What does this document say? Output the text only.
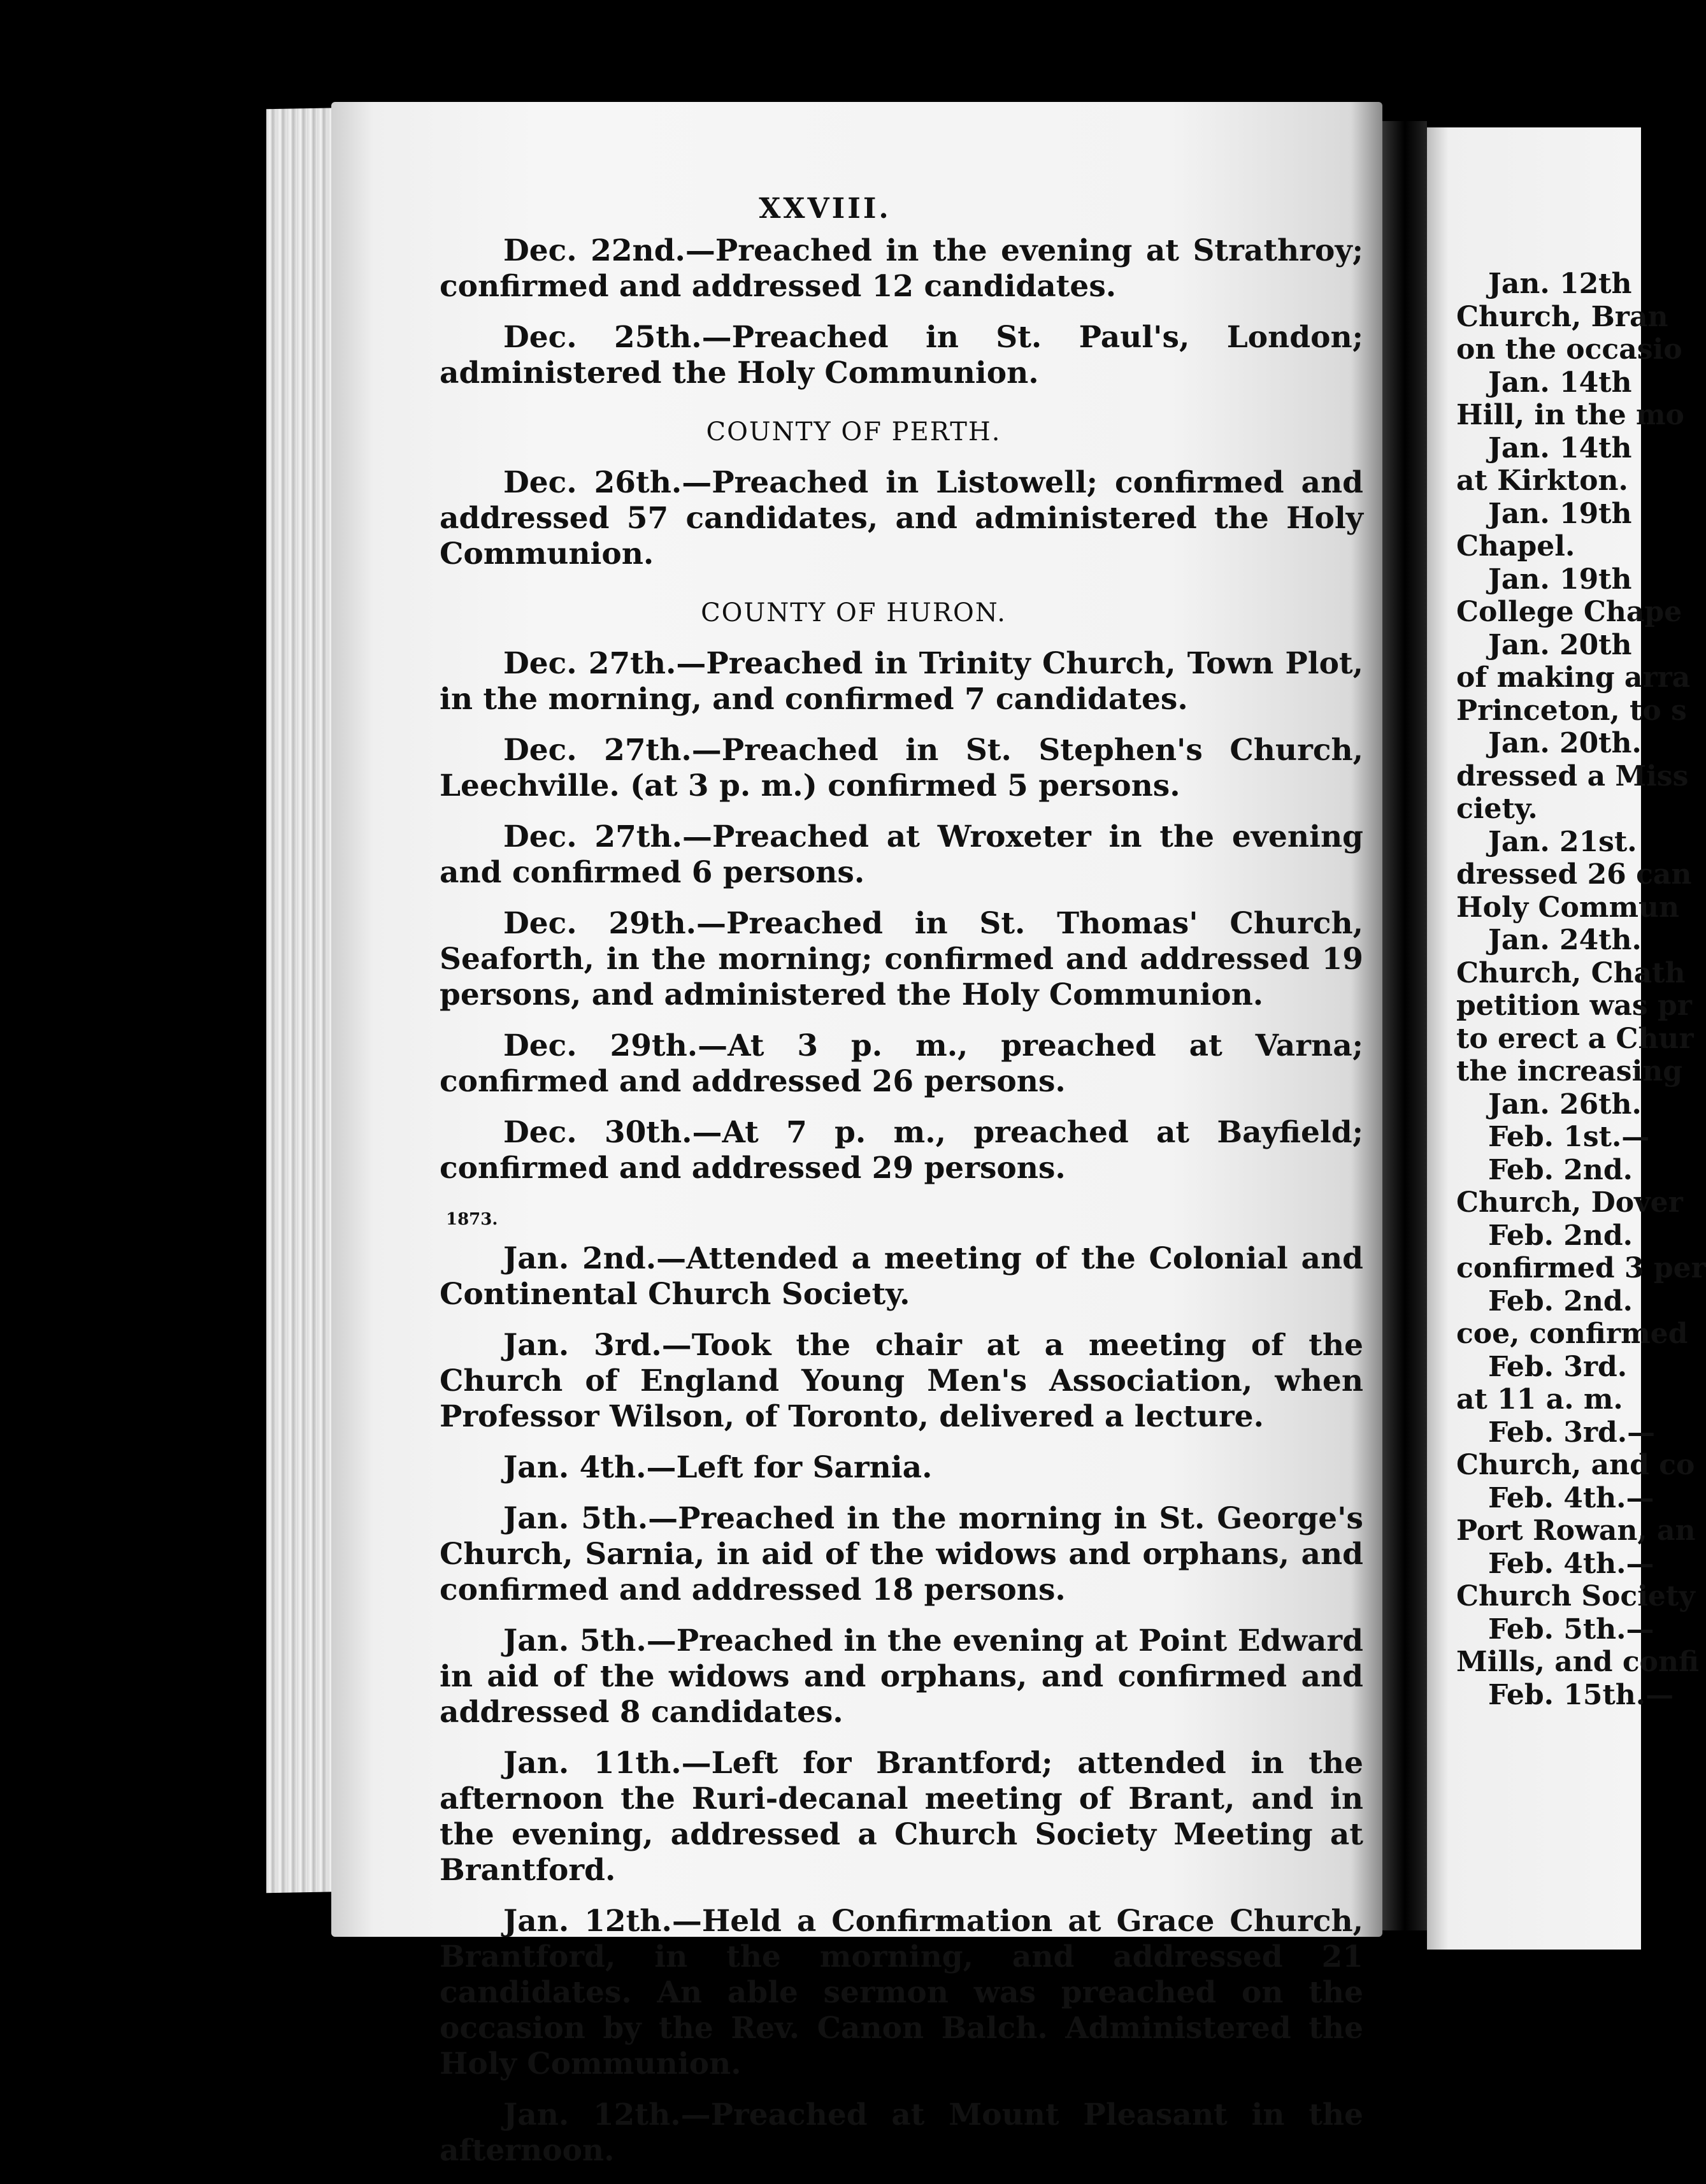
XXVIII.

Dec. 22nd.—Preached in the evening at Strathroy; confirmed and addressed 12 candidates.

Dec. 25th.—Preached in St. Paul's, London; administered the Holy Communion.

COUNTY OF PERTH.

Dec. 26th.—Preached in Listowell; confirmed and addressed 57 candidates, and administered the Holy Communion.

COUNTY OF HURON.

Dec. 27th.—Preached in Trinity Church, Town Plot, in the morning, and confirmed 7 candidates.

Dec. 27th.—Preached in St. Stephen's Church, Leechville. (at 3 p. m.) confirmed 5 persons.

Dec. 27th.—Preached at Wroxeter in the evening and confirmed 6 persons.

Dec. 29th.—Preached in St. Thomas' Church, Seaforth, in the morning; confirmed and addressed 19 persons, and administered the Holy Communion.

Dec. 29th.—At 3 p. m., preached at Varna; confirmed and addressed 26 persons.

Dec. 30th.—At 7 p. m., preached at Bayfield; confirmed and addressed 29 persons.

1873.

Jan. 2nd.—Attended a meeting of the Colonial and Continental Church Society.

Jan. 3rd.—Took the chair at a meeting of the Church of England Young Men's Association, when Professor Wilson, of Toronto, delivered a lecture.

Jan. 4th.—Left for Sarnia.

Jan. 5th.—Preached in the morning in St. George's Church, Sarnia, in aid of the widows and orphans, and confirmed and addressed 18 persons.

Jan. 5th.—Preached in the evening at Point Edward in aid of the widows and orphans, and confirmed and addressed 8 candidates.

Jan. 11th.—Left for Brantford; attended in the afternoon the Ruri-decanal meeting of Brant, and in the evening, addressed a Church Society Meeting at Brantford.

Jan. 12th.—Held a Confirmation at Grace Church, Brantford, in the morning, and addressed 21 candidates. An able sermon was preached on the occasion by the Rev. Canon Balch. Administered the Holy Communion.

Jan. 12th.—Preached at Mount Pleasant in the afternoon.

Jan. 12th
Church, Bran
on the occasio
Jan. 14th
Hill, in the mo
Jan. 14th
at Kirkton.
Jan. 19th
Chapel.
Jan. 19th
College Chape
Jan. 20th
of making arra
Princeton, to s
Jan. 20th.
dressed a Miss
ciety.
Jan. 21st.
dressed 26 can
Holy Commun
Jan. 24th.
Church, Chath
petition was pr
to erect a Chur
the increasing
Jan. 26th.
Feb. 1st.—
Feb. 2nd.
Church, Dover
Feb. 2nd.
confirmed 3 per
Feb. 2nd.
coe, confirmed
Feb. 3rd.
at 11 a. m.
Feb. 3rd.—
Church, and co
Feb. 4th.—
Port Rowan, an
Feb. 4th.—
Church Society
Feb. 5th.—
Mills, and confi
Feb. 15th.—
